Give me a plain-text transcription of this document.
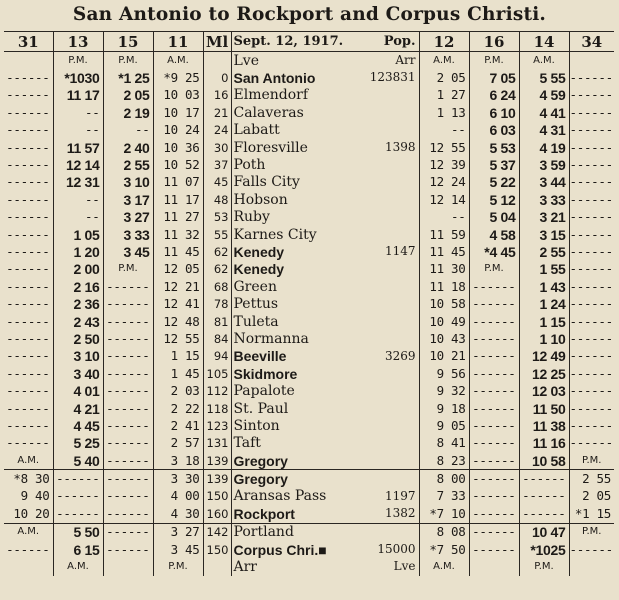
San Antonio to Rockport and Corpus Christi.
31	13	15	11	Ml	Sept. 12, 1917. Pop.	12	16	14	34
	P.M.	P.M.	A.M.		Lve Arr	A.M.	P.M.	A.M.	
------	*1030	*1 25	*9 25	0	San Antonio 123831	2 05	7 05	5 55	------
------	11 17	2 05	10 03	16	Elmendorf	1 27	6 24	4 59	------
------	--	2 19	10 17	21	Calaveras	1 13	6 10	4 41	------
------	--	--	10 24	24	Labatt	--	6 03	4 31	------
------	11 57	2 40	10 36	30	Floresville 1398	12 55	5 53	4 19	------
------	12 14	2 55	10 52	37	Poth	12 39	5 37	3 59	------
------	12 31	3 10	11 07	45	Falls City	12 24	5 22	3 44	------
------	--	3 17	11 17	48	Hobson	12 14	5 12	3 33	------
------	--	3 27	11 27	53	Ruby	--	5 04	3 21	------
------	1 05	3 33	11 32	55	Karnes City	11 59	4 58	3 15	------
------	1 20	3 45	11 45	62	Kenedy 1147	11 45	*4 45	2 55	------
------	2 00	P.M.	12 05	62	Kenedy	11 30	P.M.	1 55	------
------	2 16	------	12 21	68	Green	11 18	------	1 43	------
------	2 36	------	12 41	78	Pettus	10 58	------	1 24	------
------	2 43	------	12 48	81	Tuleta	10 49	------	1 15	------
------	2 50	------	12 55	84	Normanna	10 43	------	1 10	------
------	3 10	------	1 15	94	Beeville 3269	10 21	------	12 49	------
------	3 40	------	1 45	105	Skidmore	9 56	------	12 25	------
------	4 01	------	2 03	112	Papalote	9 32	------	12 03	------
------	4 21	------	2 22	118	St. Paul	9 18	------	11 50	------
------	4 45	------	2 41	123	Sinton	9 05	------	11 38	------
------	5 25	------	2 57	131	Taft	8 41	------	11 16	------
A.M.	5 40	------	3 18	139	Gregory	8 23	------	10 58	P.M.
*8 30	------	------	3 30	139	Gregory	8 00	------	------	2 55
9 40	------	------	4 00	150	Aransas Pass 1197	7 33	------	------	2 05
10 20	------	------	4 30	160	Rockport 1382	*7 10	------	------	*1 15
A.M.	5 50	------	3 27	142	Portland	8 08	------	10 47	P.M.
------	6 15	------	3 45	150	Corpus Chri.■ 15000	*7 50	------	*1025	------
	A.M.		P.M.		Arr Lve	A.M.		P.M.	
